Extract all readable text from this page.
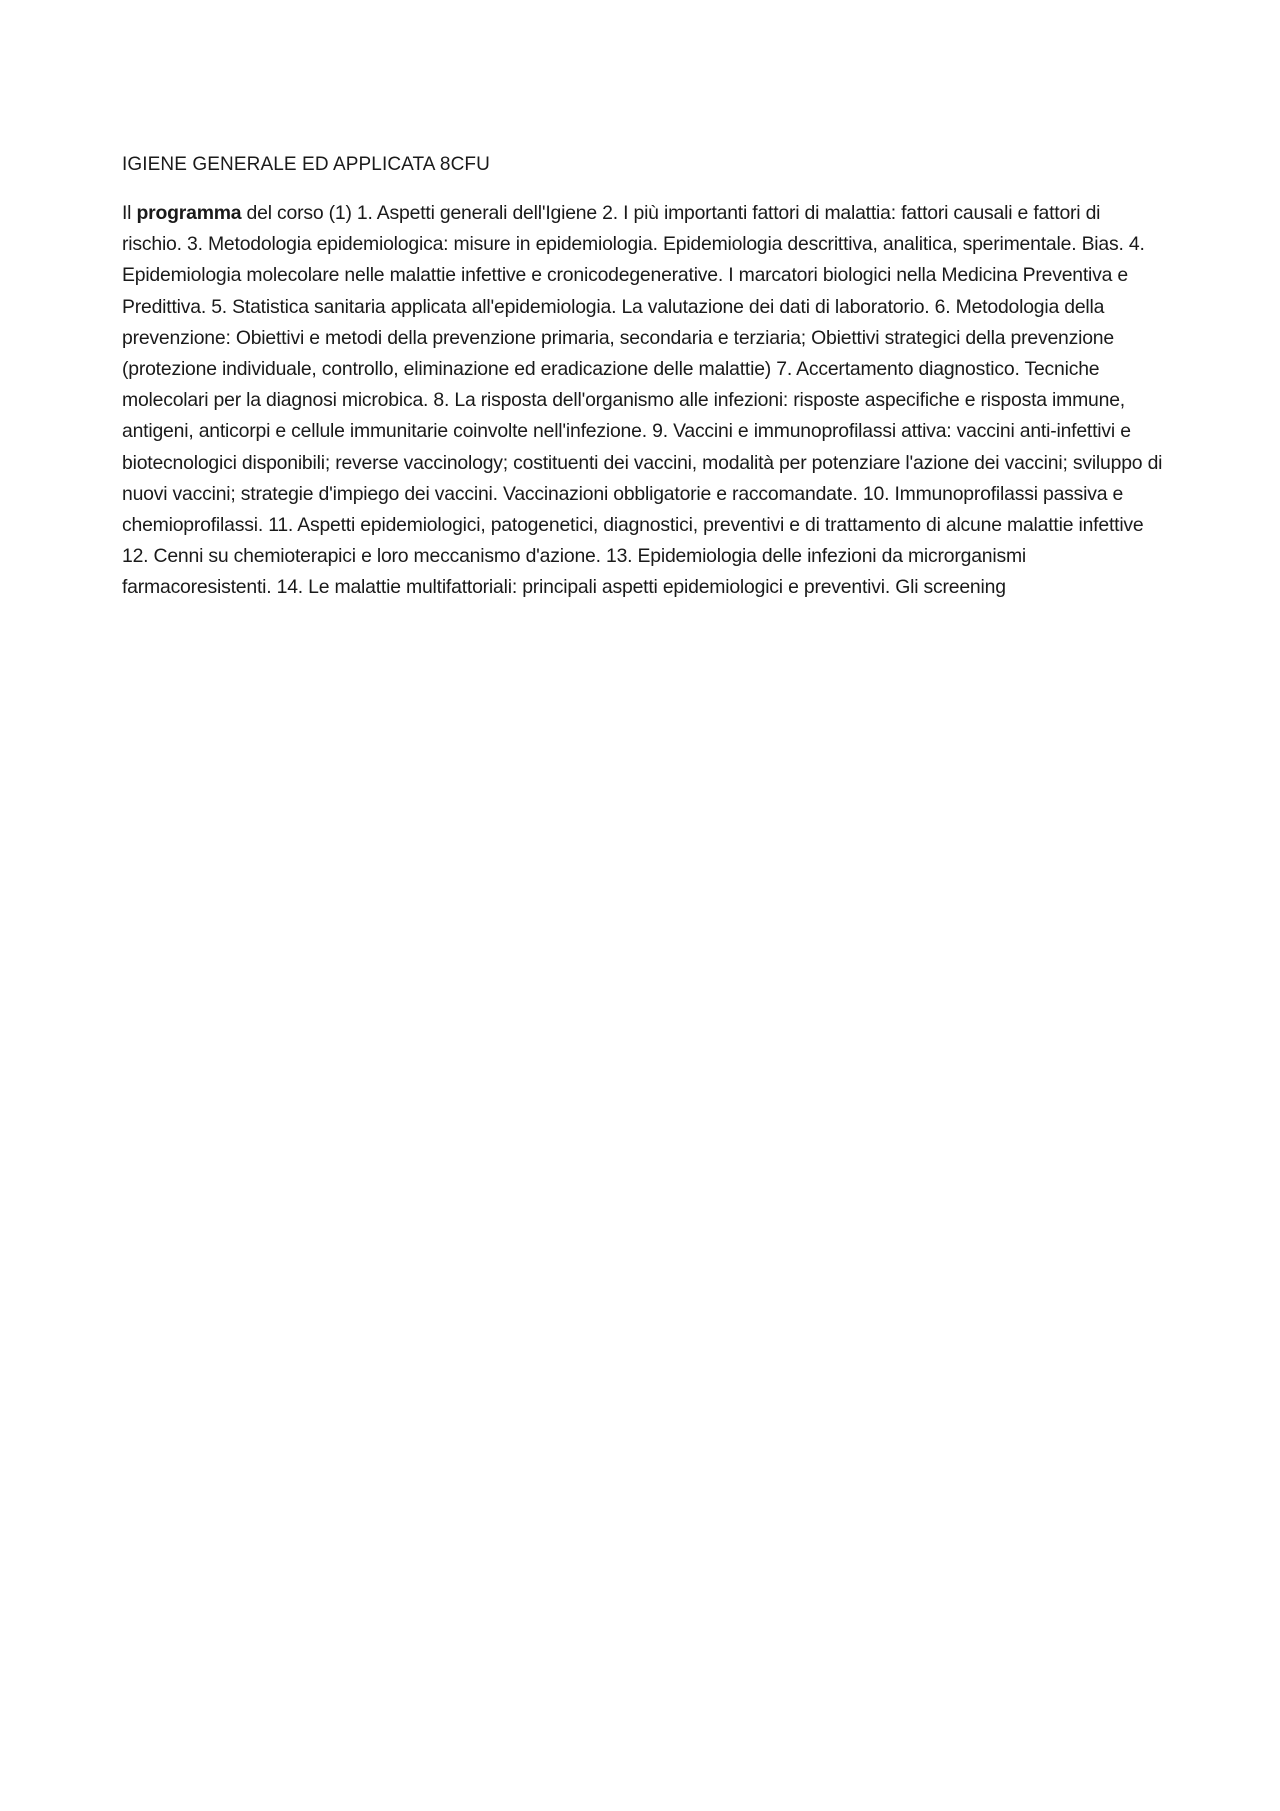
IGIENE GENERALE ED APPLICATA 8CFU

Il programma del corso (1) 1. Aspetti generali dell'Igiene 2. I più importanti fattori di malattia: fattori causali e fattori di rischio. 3. Metodologia epidemiologica: misure in epidemiologia. Epidemiologia descrittiva, analitica, sperimentale. Bias. 4. Epidemiologia molecolare nelle malattie infettive e cronicodegenerative. I marcatori biologici nella Medicina Preventiva e Predittiva. 5. Statistica sanitaria applicata all'epidemiologia. La valutazione dei dati di laboratorio. 6. Metodologia della prevenzione: Obiettivi e metodi della prevenzione primaria, secondaria e terziaria; Obiettivi strategici della prevenzione (protezione individuale, controllo, eliminazione ed eradicazione delle malattie) 7. Accertamento diagnostico. Tecniche molecolari per la diagnosi microbica. 8. La risposta dell'organismo alle infezioni: risposte aspecifiche e risposta immune, antigeni, anticorpi e cellule immunitarie coinvolte nell'infezione. 9. Vaccini e immunoprofilassi attiva: vaccini anti-infettivi e biotecnologici disponibili; reverse vaccinology; costituenti dei vaccini, modalità per potenziare l'azione dei vaccini; sviluppo di nuovi vaccini; strategie d'impiego dei vaccini. Vaccinazioni obbligatorie e raccomandate. 10. Immunoprofilassi passiva e chemioprofilassi. 11. Aspetti epidemiologici, patogenetici, diagnostici, preventivi e di trattamento di alcune malattie infettive 12. Cenni su chemioterapici e loro meccanismo d'azione. 13. Epidemiologia delle infezioni da microrganismi farmacoresistenti. 14. Le malattie multifattoriali: principali aspetti epidemiologici e preventivi. Gli screening
